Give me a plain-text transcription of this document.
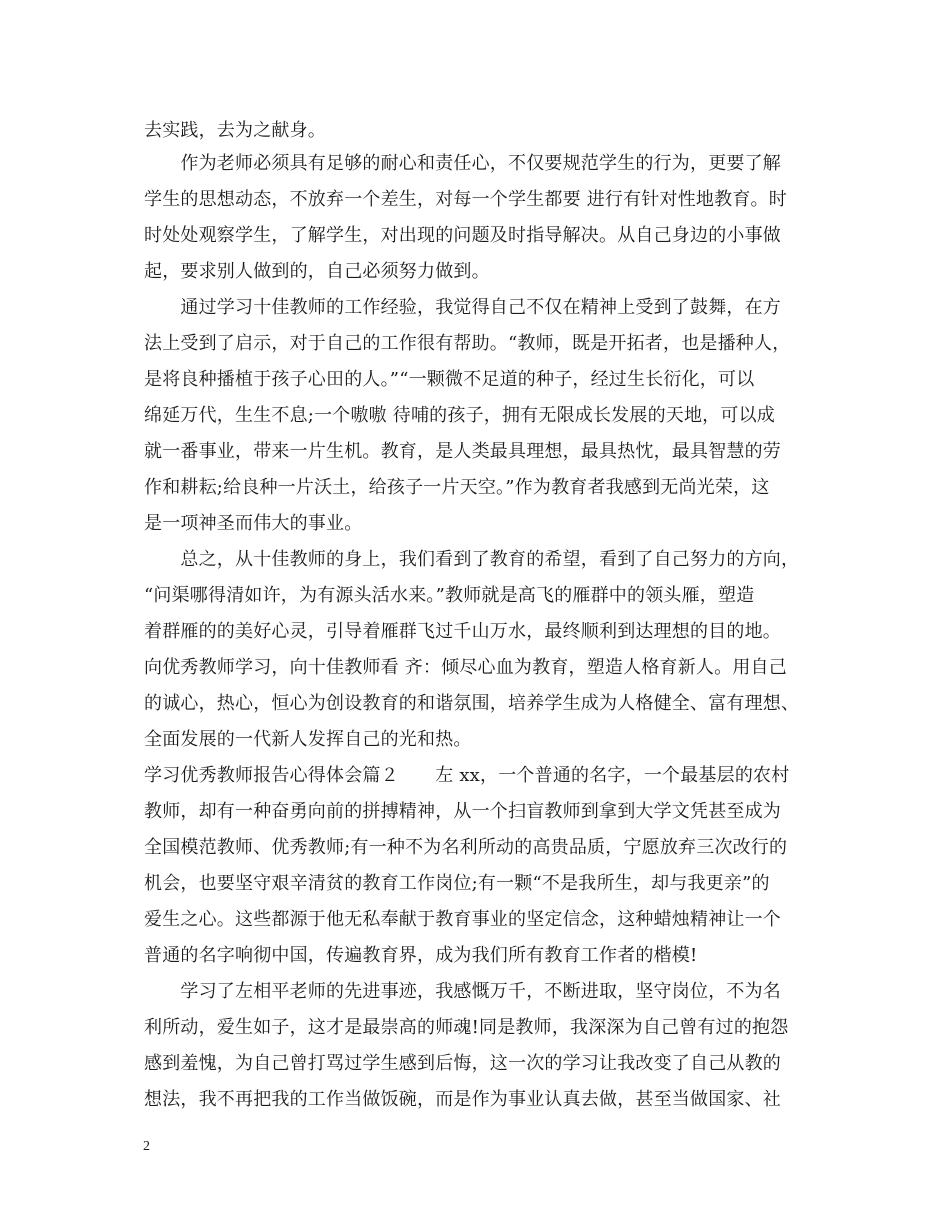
去实践，去为之献身。
　　作为老师必须具有足够的耐心和责任心，不仅要规范学生的行为，更要了解
学生的思想动态，不放弃一个差生，对每一个学生都要 进行有针对性地教育。时
时处处观察学生，了解学生，对出现的问题及时指导解决。从自己身边的小事做
起，要求别人做到的，自己必须努力做到。
　　通过学习十佳教师的工作经验，我觉得自己不仅在精神上受到了鼓舞，在方
法上受到了启示，对于自己的工作很有帮助。“教师，既是开拓者，也是播种人，
是将良种播植于孩子心田的人。”“一颗微不足道的种子，经过生长衍化，可以
绵延万代，生生不息;一个嗷嗷 待哺的孩子，拥有无限成长发展的天地，可以成
就一番事业，带来一片生机。教育，是人类最具理想，最具热忱，最具智慧的劳
作和耕耘;给良种一片沃土，给孩子一片天空。”作为教育者我感到无尚光荣，这
是一项神圣而伟大的事业。
　　总之，从十佳教师的身上，我们看到了教育的希望，看到了自己努力的方向，
“问渠哪得清如许，为有源头活水来。”教师就是高飞的雁群中的领头雁，塑造
着群雁的的美好心灵，引导着雁群飞过千山万水，最终顺利到达理想的目的地。
向优秀教师学习，向十佳教师看 齐：倾尽心血为教育，塑造人格育新人。用自己
的诚心，热心，恒心为创设教育的和谐氛围，培养学生成为人格健全、富有理想、
全面发展的一代新人发挥自己的光和热。
学习优秀教师报告心得体会篇２　　左 xx，一个普通的名字，一个最基层的农村
教师，却有一种奋勇向前的拼搏精神，从一个扫盲教师到拿到大学文凭甚至成为
全国模范教师、优秀教师;有一种不为名利所动的高贵品质，宁愿放弃三次改行的
机会，也要坚守艰辛清贫的教育工作岗位;有一颗“不是我所生，却与我更亲”的
爱生之心。这些都源于他无私奉献于教育事业的坚定信念，这种蜡烛精神让一个
普通的名字响彻中国，传遍教育界，成为我们所有教育工作者的楷模!
　　学习了左相平老师的先进事迹，我感慨万千，不断进取，坚守岗位，不为名
利所动，爱生如子，这才是最崇高的师魂!同是教师，我深深为自己曾有过的抱怨
感到羞愧，为自己曾打骂过学生感到后悔，这一次的学习让我改变了自己从教的
想法，我不再把我的工作当做饭碗，而是作为事业认真去做，甚至当做国家、社
2
